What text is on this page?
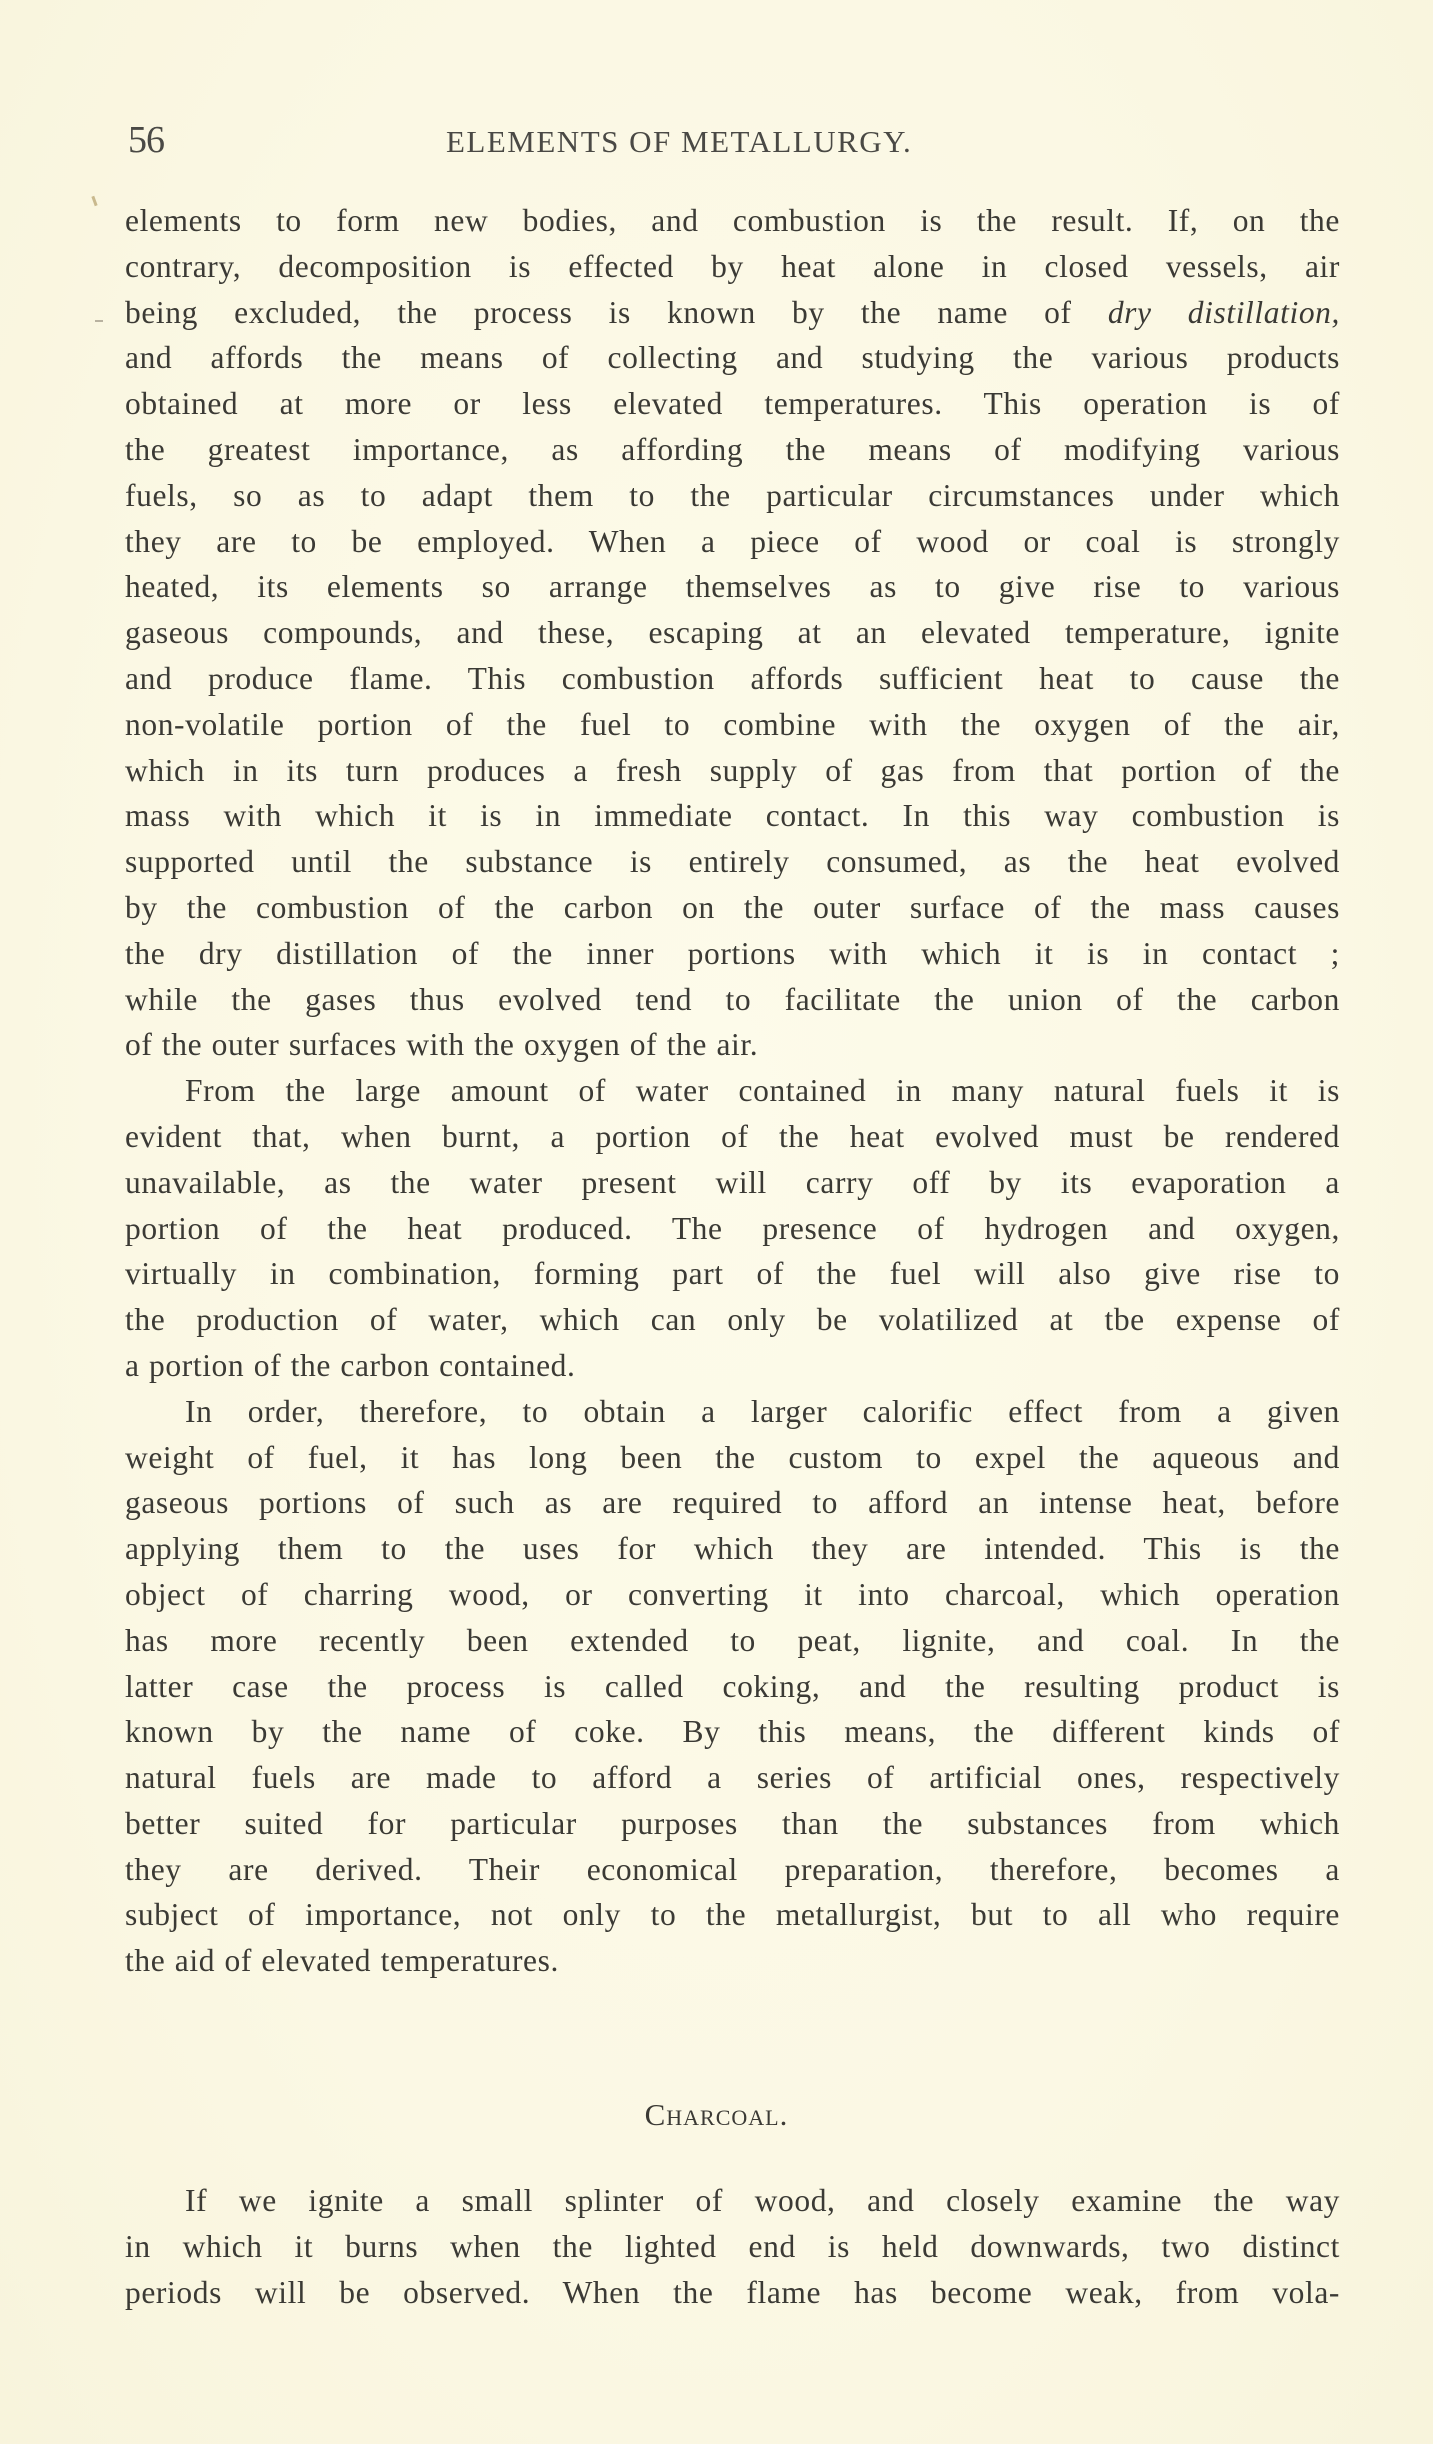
56	ELEMENTS OF METALLURGY.

elements to form new bodies, and combustion is the result. If, on the
contrary, decomposition is effected by heat alone in closed vessels, air
being excluded, the process is known by the name of dry distillation,
and affords the means of collecting and studying the various products
obtained at more or less elevated temperatures. This operation is of
the greatest importance, as affording the means of modifying various
fuels, so as to adapt them to the particular circumstances under which
they are to be employed. When a piece of wood or coal is strongly
heated, its elements so arrange themselves as to give rise to various
gaseous compounds, and these, escaping at an elevated temperature, ignite
and produce flame. This combustion affords sufficient heat to cause the
non-volatile portion of the fuel to combine with the oxygen of the air,
which in its turn produces a fresh supply of gas from that portion of the
mass with which it is in immediate contact. In this way combustion is
supported until the substance is entirely consumed, as the heat evolved
by the combustion of the carbon on the outer surface of the mass causes
the dry distillation of the inner portions with which it is in contact ;
while the gases thus evolved tend to facilitate the union of the carbon
of the outer surfaces with the oxygen of the air.

From the large amount of water contained in many natural fuels it is
evident that, when burnt, a portion of the heat evolved must be rendered
unavailable, as the water present will carry off by its evaporation a
portion of the heat produced. The presence of hydrogen and oxygen,
virtually in combination, forming part of the fuel will also give rise to
the production of water, which can only be volatilized at tbe expense of
a portion of the carbon contained.

In order, therefore, to obtain a larger calorific effect from a given
weight of fuel, it has long been the custom to expel the aqueous and
gaseous portions of such as are required to afford an intense heat, before
applying them to the uses for which they are intended. This is the
object of charring wood, or converting it into charcoal, which operation
has more recently been extended to peat, lignite, and coal. In the
latter case the process is called coking, and the resulting product is
known by the name of coke. By this means, the different kinds of
natural fuels are made to afford a series of artificial ones, respectively
better suited for particular purposes than the substances from which
they are derived. Their economical preparation, therefore, becomes a
subject of importance, not only to the metallurgist, but to all who require
the aid of elevated temperatures.

Charcoal.

If we ignite a small splinter of wood, and closely examine the way
in which it burns when the lighted end is held downwards, two distinct
periods will be observed. When the flame has become weak, from vola-
